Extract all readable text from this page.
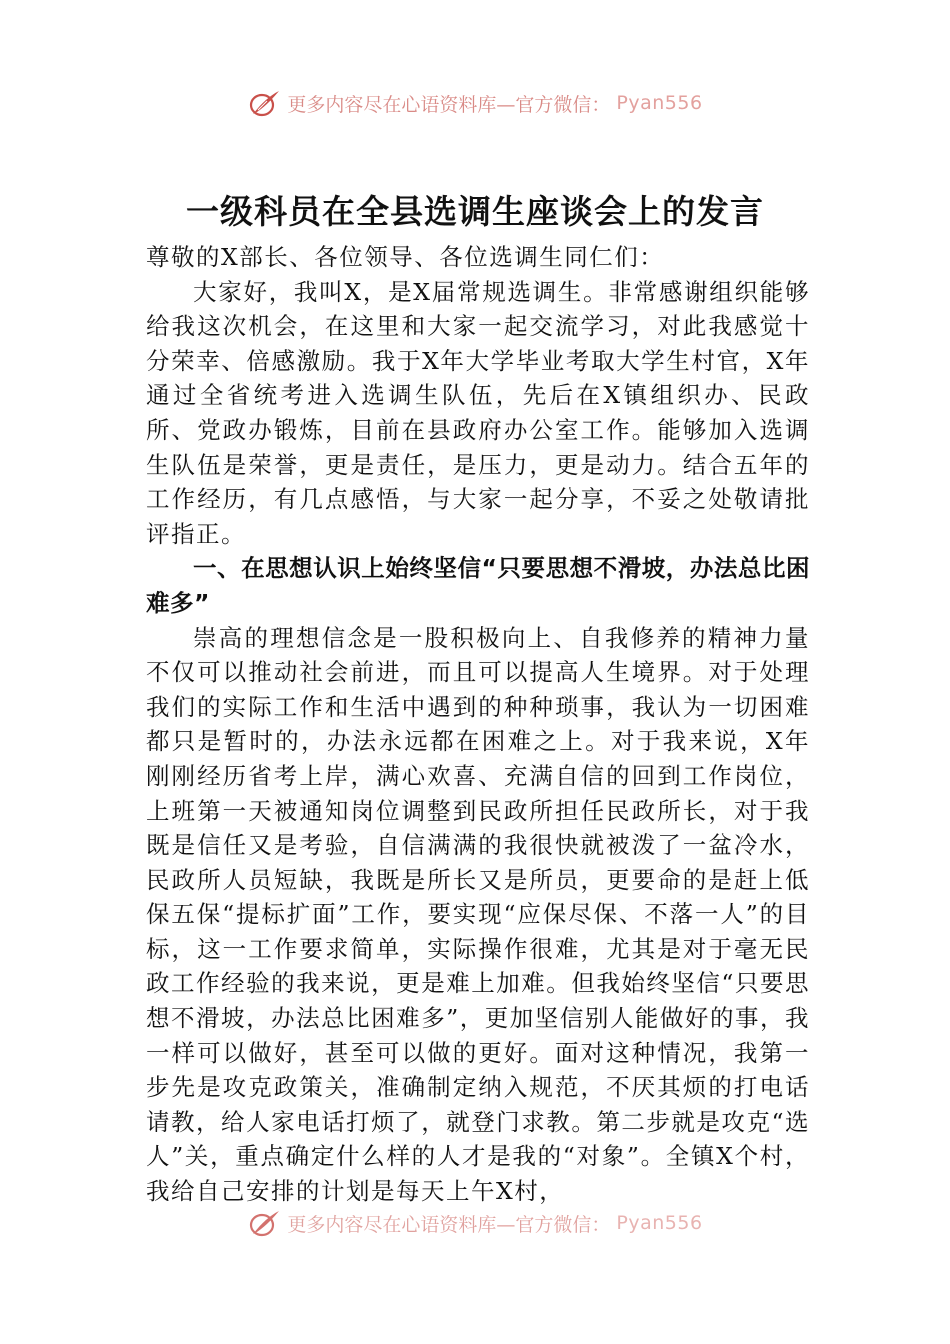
更多内容尽在心语资料库—官方微信： Pyan556
一级科员在全县选调生座谈会上的发言

尊敬的X部长、各位领导、各位选调生同仁们：

大家好，我叫X，是X届常规选调生。非常感谢组织能够给我这次机会，在这里和大家一起交流学习，对此我感觉十分荣幸、倍感激励。我于X年大学毕业考取大学生村官，X年通过全省统考进入选调生队伍，先后在X镇组织办、民政所、党政办锻炼，目前在县政府办公室工作。能够加入选调生队伍是荣誉，更是责任，是压力，更是动力。结合五年的工作经历，有几点感悟，与大家一起分享，不妥之处敬请批评指正。

一、在思想认识上始终坚信“只要思想不滑坡，办法总比困难多”

崇高的理想信念是一股积极向上、自我修养的精神力量不仅可以推动社会前进，而且可以提高人生境界。对于处理我们的实际工作和生活中遇到的种种琐事，我认为一切困难都只是暂时的，办法永远都在困难之上。对于我来说，X年刚刚经历省考上岸，满心欢喜、充满自信的回到工作岗位，上班第一天被通知岗位调整到民政所担任民政所长，对于我既是信任又是考验，自信满满的我很快就被泼了一盆冷水，民政所人员短缺，我既是所长又是所员，更要命的是赶上低保五保“提标扩面”工作，要实现“应保尽保、不落一人”的目标，这一工作要求简单，实际操作很难，尤其是对于毫无民政工作经验的我来说，更是难上加难。但我始终坚信“只要思想不滑坡，办法总比困难多”，更加坚信别人能做好的事，我一样可以做好，甚至可以做的更好。面对这种情况，我第一步先是攻克政策关，准确制定纳入规范，不厌其烦的打电话请教，给人家电话打烦了，就登门求教。第二步就是攻克“选人”关，重点确定什么样的人才是我的“对象”。全镇X个村，我给自己安排的计划是每天上午X村，

更多内容尽在心语资料库—官方微信： Pyan556
